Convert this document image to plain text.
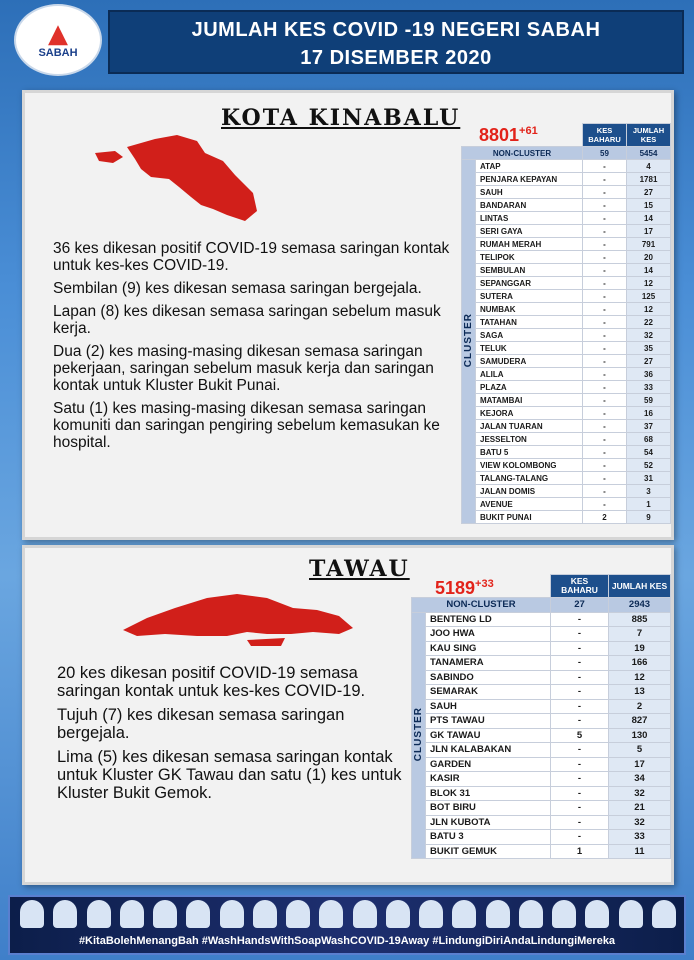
▲
SABAH
JUMLAH KES COVID -19 NEGERI SABAH
17 DISEMBER 2020
KOTA KINABALU
$8801^{+61}$

36 kes dikesan positif COVID-19 semasa saringan kontak untuk kes-kes COVID-19.

Sembilan (9) kes dikesan semasa saringan bergejala.

Lapan (8) kes dikesan semasa saringan sebelum masuk kerja.

Dua (2) kes masing-masing dikesan semasa saringan pekerjaan, saringan sebelum masuk kerja dan saringan kontak untuk Kluster Bukit Punai.

Satu (1) kes masing-masing dikesan semasa saringan komuniti dan saringan pengiring sebelum kemasukan ke hospital.

		KES BAHARU	JUMLAH KES
NON-CLUSTER		59	5454
CLUSTER	ATAP	-	4
	PENJARA KEPAYAN	-	1781
	SAUH	-	27
	BANDARAN	-	15
	LINTAS	-	14
	SERI GAYA	-	17
	RUMAH MERAH	-	791
	TELIPOK	-	20
	SEMBULAN	-	14
	SEPANGGAR	-	12
	SUTERA	-	125
	NUMBAK	-	12
	TATAHAN	-	22
	SAGA	-	32
	TELUK	-	35
	SAMUDERA	-	27
	ALILA	-	36
	PLAZA	-	33
	MATAMBAI	-	59
	KEJORA	-	16
	JALAN TUARAN	-	37
	JESSELTON	-	68
	BATU 5	-	54
	VIEW KOLOMBONG	-	52
	TALANG-TALANG	-	31
	JALAN DOMIS	-	3
	AVENUE	-	1
	BUKIT PUNAI	2	9
TAWAU
$5189^{+33}$

20 kes dikesan positif COVID-19 semasa saringan kontak untuk kes-kes COVID-19.

Tujuh (7) kes dikesan semasa saringan bergejala.

Lima (5) kes dikesan semasa saringan kontak untuk Kluster GK Tawau dan satu (1) kes untuk Kluster Bukit Gemok.

		KES BAHARU	JUMLAH KES
NON-CLUSTER		27	2943
CLUSTER	BENTENG LD	-	885
	JOO HWA	-	7
	KAU SING	-	19
	TANAMERA	-	166
	SABINDO	-	12
	SEMARAK	-	13
	SAUH	-	2
	PTS TAWAU	-	827
	GK TAWAU	5	130
	JLN KALABAKAN	-	5
	GARDEN	-	17
	KASIR	-	34
	BLOK 31	-	32
	BOT BIRU	-	21
	JLN KUBOTA	-	32
	BATU 3	-	33
	BUKIT GEMUK	1	11
#KitaBolehMenangBah #WashHandsWithSoapWashCOVID-19Away #LindungiDiriAndaLindungiMereka
